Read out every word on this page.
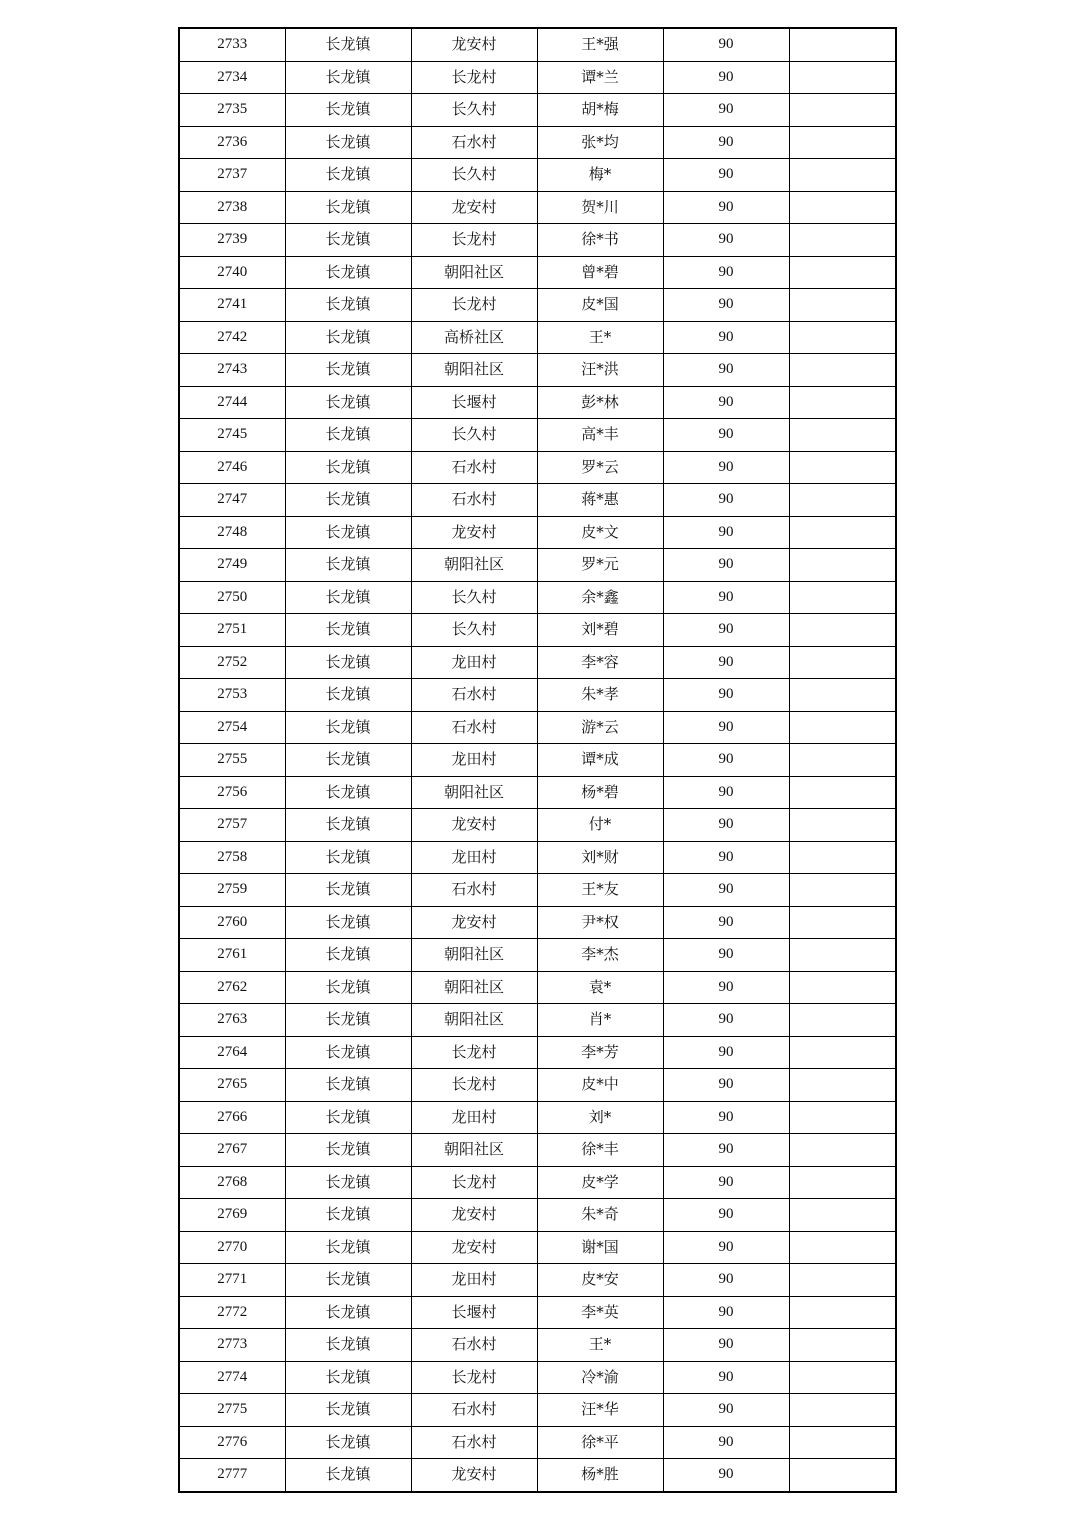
2733	长龙镇	龙安村	王*强	90	
2734	长龙镇	长龙村	谭*兰	90	
2735	长龙镇	长久村	胡*梅	90	
2736	长龙镇	石水村	张*均	90	
2737	长龙镇	长久村	梅*	90	
2738	长龙镇	龙安村	贺*川	90	
2739	长龙镇	长龙村	徐*书	90	
2740	长龙镇	朝阳社区	曾*碧	90	
2741	长龙镇	长龙村	皮*国	90	
2742	长龙镇	高桥社区	王*	90	
2743	长龙镇	朝阳社区	汪*洪	90	
2744	长龙镇	长堰村	彭*林	90	
2745	长龙镇	长久村	高*丰	90	
2746	长龙镇	石水村	罗*云	90	
2747	长龙镇	石水村	蒋*惠	90	
2748	长龙镇	龙安村	皮*文	90	
2749	长龙镇	朝阳社区	罗*元	90	
2750	长龙镇	长久村	余*鑫	90	
2751	长龙镇	长久村	刘*碧	90	
2752	长龙镇	龙田村	李*容	90	
2753	长龙镇	石水村	朱*孝	90	
2754	长龙镇	石水村	游*云	90	
2755	长龙镇	龙田村	谭*成	90	
2756	长龙镇	朝阳社区	杨*碧	90	
2757	长龙镇	龙安村	付*	90	
2758	长龙镇	龙田村	刘*财	90	
2759	长龙镇	石水村	王*友	90	
2760	长龙镇	龙安村	尹*权	90	
2761	长龙镇	朝阳社区	李*杰	90	
2762	长龙镇	朝阳社区	袁*	90	
2763	长龙镇	朝阳社区	肖*	90	
2764	长龙镇	长龙村	李*芳	90	
2765	长龙镇	长龙村	皮*中	90	
2766	长龙镇	龙田村	刘*	90	
2767	长龙镇	朝阳社区	徐*丰	90	
2768	长龙镇	长龙村	皮*学	90	
2769	长龙镇	龙安村	朱*奇	90	
2770	长龙镇	龙安村	谢*国	90	
2771	长龙镇	龙田村	皮*安	90	
2772	长龙镇	长堰村	李*英	90	
2773	长龙镇	石水村	王*	90	
2774	长龙镇	长龙村	冷*渝	90	
2775	长龙镇	石水村	汪*华	90	
2776	长龙镇	石水村	徐*平	90	
2777	长龙镇	龙安村	杨*胜	90	
